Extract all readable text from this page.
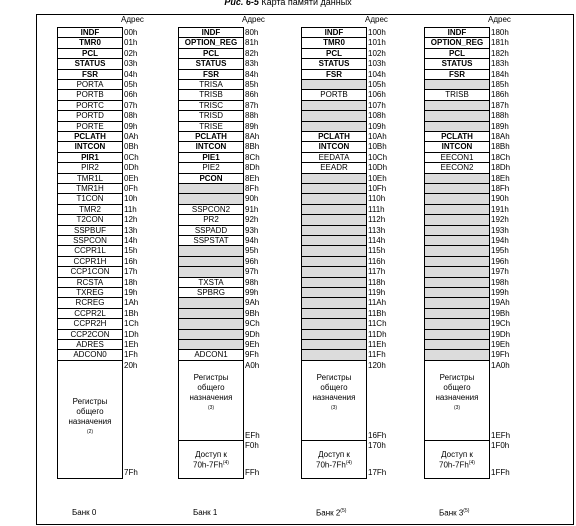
Рис. 6-5 Карта памяти данных
Адрес
00h
01h
02h
03h
04h
05h
06h
07h
08h
09h
0Ah
0Bh
0Ch
0Dh
0Eh
0Fh
10h
11h
12h
13h
14h
15h
16h
17h
18h
19h
1Ah
1Bh
1Ch
1Dh
1Eh
1Fh
INDF
TMR0
PCL
STATUS
FSR
PORTA
PORTB
PORTC
PORTD
PORTE
PCLATH
INTCON
PIR1
PIR2
TMR1L
TMR1H
T1CON
TMR2
T2CON
SSPBUF
SSPCON
CCPR1L
CCPR1H
CCP1CON
RCSTA
TXREG
RCREG
CCPR2L
CCPR2H
CCP2CON
ADRES
ADCON0
Регистры
общего
назначения
$^{(2)}$
20h
7Fh
Банк 0
Адрес
80h
81h
82h
83h
84h
85h
86h
87h
88h
89h
8Ah
8Bh
8Ch
8Dh
8Eh
8Fh
90h
91h
92h
93h
94h
95h
96h
97h
98h
99h
9Ah
9Bh
9Ch
9Dh
9Eh
9Fh
INDF
OPTION_REG
PCL
STATUS
FSR
TRISA
TRISB
TRISC
TRISD
TRISE
PCLATH
INTCON
PIE1
PIE2
PCON
SSPCON2
PR2
SSPADD
SSPSTAT
TXSTA
SPBRG
ADCON1
Регистры
общего
назначения
$^{(3)}$
Доступ к
70h-7Fh$^{(4)}$
A0h
EFh
F0h
FFh
Банк 1
Адрес
100h
101h
102h
103h
104h
105h
106h
107h
108h
109h
10Ah
10Bh
10Ch
10Dh
10Eh
10Fh
110h
111h
112h
113h
114h
115h
116h
117h
118h
119h
11Ah
11Bh
11Ch
11Dh
11Eh
11Fh
INDF
TMR0
PCL
STATUS
FSR
PORTB
PCLATH
INTCON
EEDATA
EEADR
Регистры
общего
назначения
$^{(3)}$
Доступ к
70h-7Fh$^{(4)}$
120h
16Fh
170h
17Fh
Банк 2$^{(5)}$
Адрес
180h
181h
182h
183h
184h
185h
186h
187h
188h
189h
18Ah
18Bh
18Ch
18Dh
18Eh
18Fh
190h
191h
192h
193h
194h
195h
196h
197h
198h
199h
19Ah
19Bh
19Ch
19Dh
19Eh
19Fh
INDF
OPTION_REG
PCL
STATUS
FSR
TRISB
PCLATH
INTCON
EECON1
EECON2
Регистры
общего
назначения
$^{(3)}$
Доступ к
70h-7Fh$^{(4)}$
1A0h
1EFh
1F0h
1FFh
Банк 3$^{(5)}$
